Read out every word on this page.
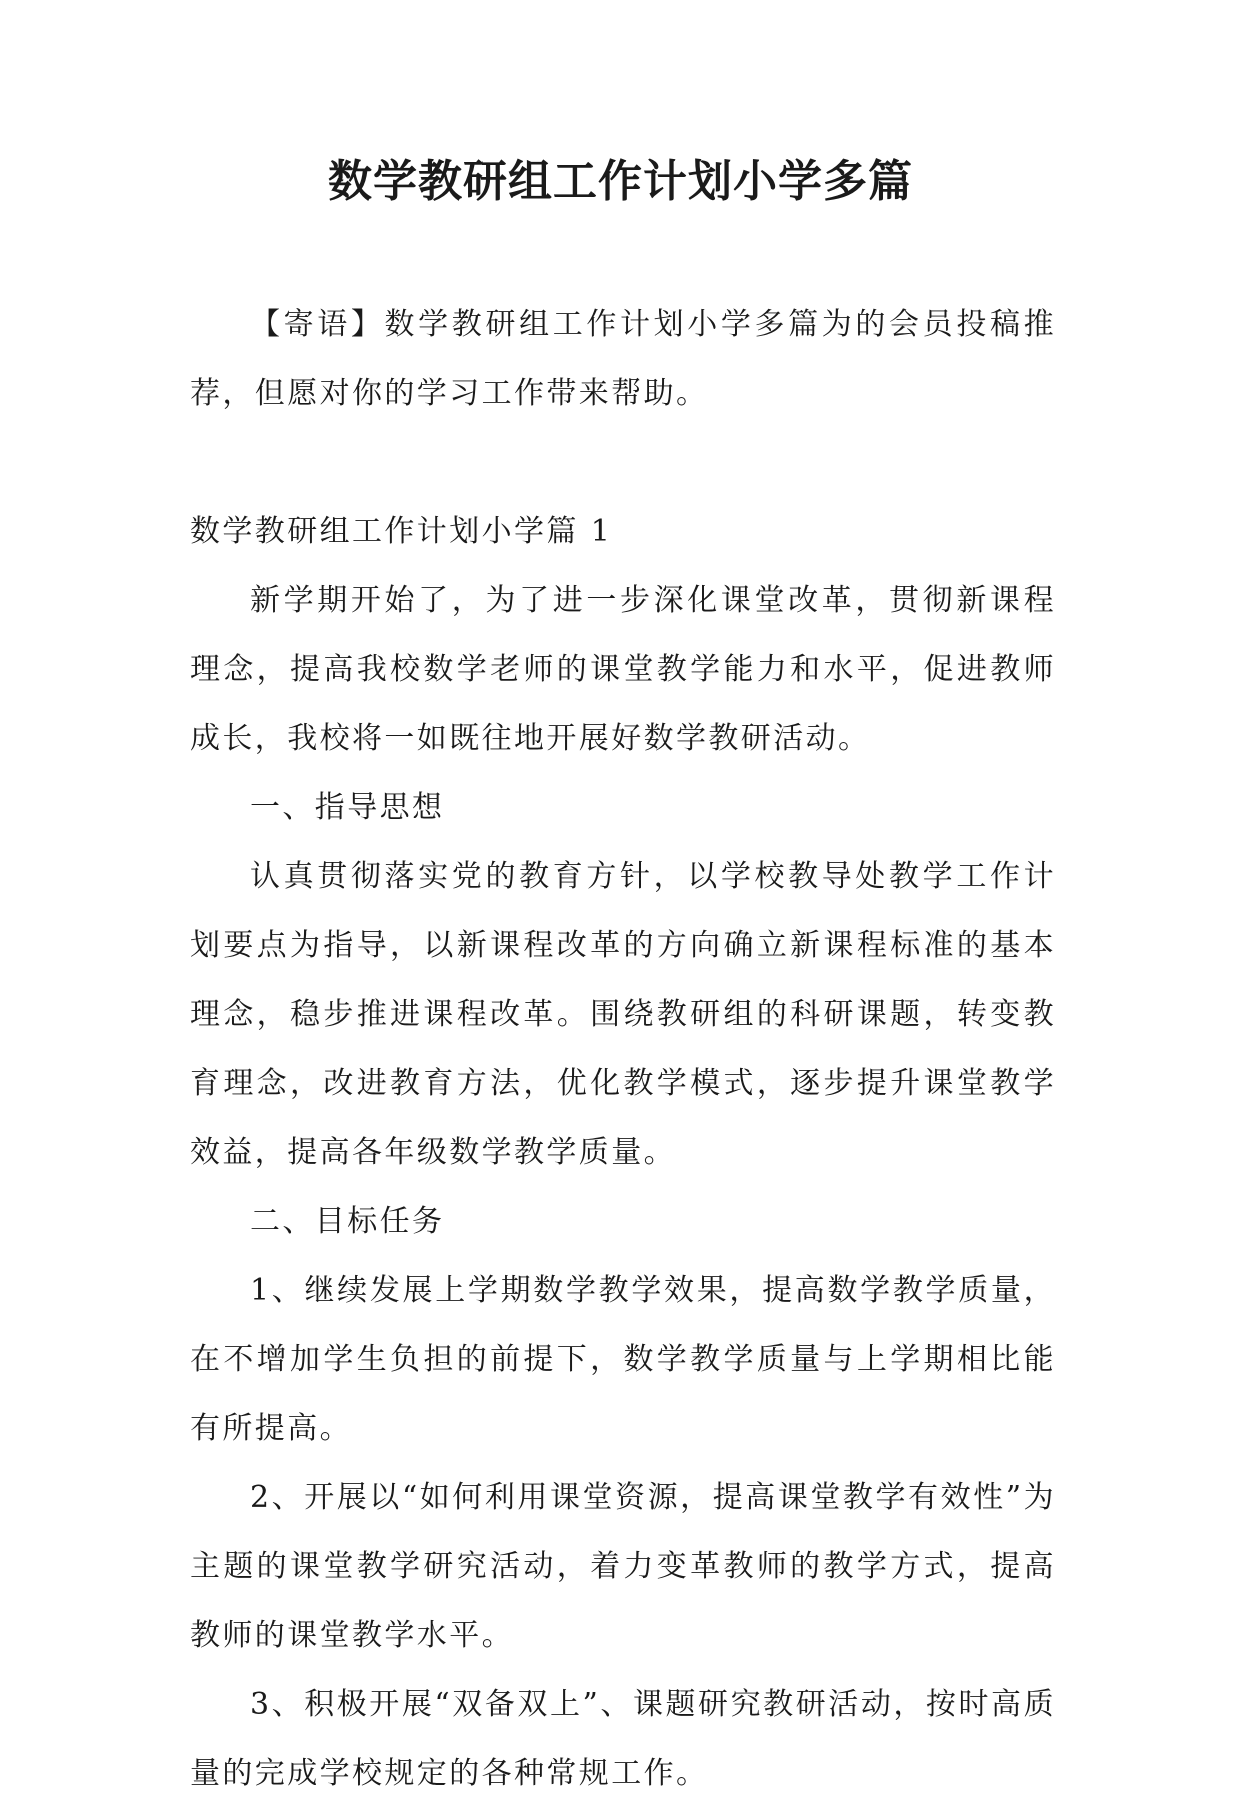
数学教研组工作计划小学多篇

【寄语】数学教研组工作计划小学多篇为的会员投稿推荐，但愿对你的学习工作带来帮助。

数学教研组工作计划小学篇 1

新学期开始了，为了进一步深化课堂改革，贯彻新课程理念，提高我校数学老师的课堂教学能力和水平，促进教师成长，我校将一如既往地开展好数学教研活动。

一、指导思想

认真贯彻落实党的教育方针，以学校教导处教学工作计划要点为指导，以新课程改革的方向确立新课程标准的基本理念，稳步推进课程改革。围绕教研组的科研课题，转变教育理念，改进教育方法，优化教学模式，逐步提升课堂教学效益，提高各年级数学教学质量。

二、目标任务

1、继续发展上学期数学教学效果，提高数学教学质量，在不增加学生负担的前提下，数学教学质量与上学期相比能有所提高。

2、开展以“如何利用课堂资源，提高课堂教学有效性”为主题的课堂教学研究活动，着力变革教师的教学方式，提高教师的课堂教学水平。

3、积极开展“双备双上”、课题研究教研活动，按时高质量的完成学校规定的各种常规工作。
